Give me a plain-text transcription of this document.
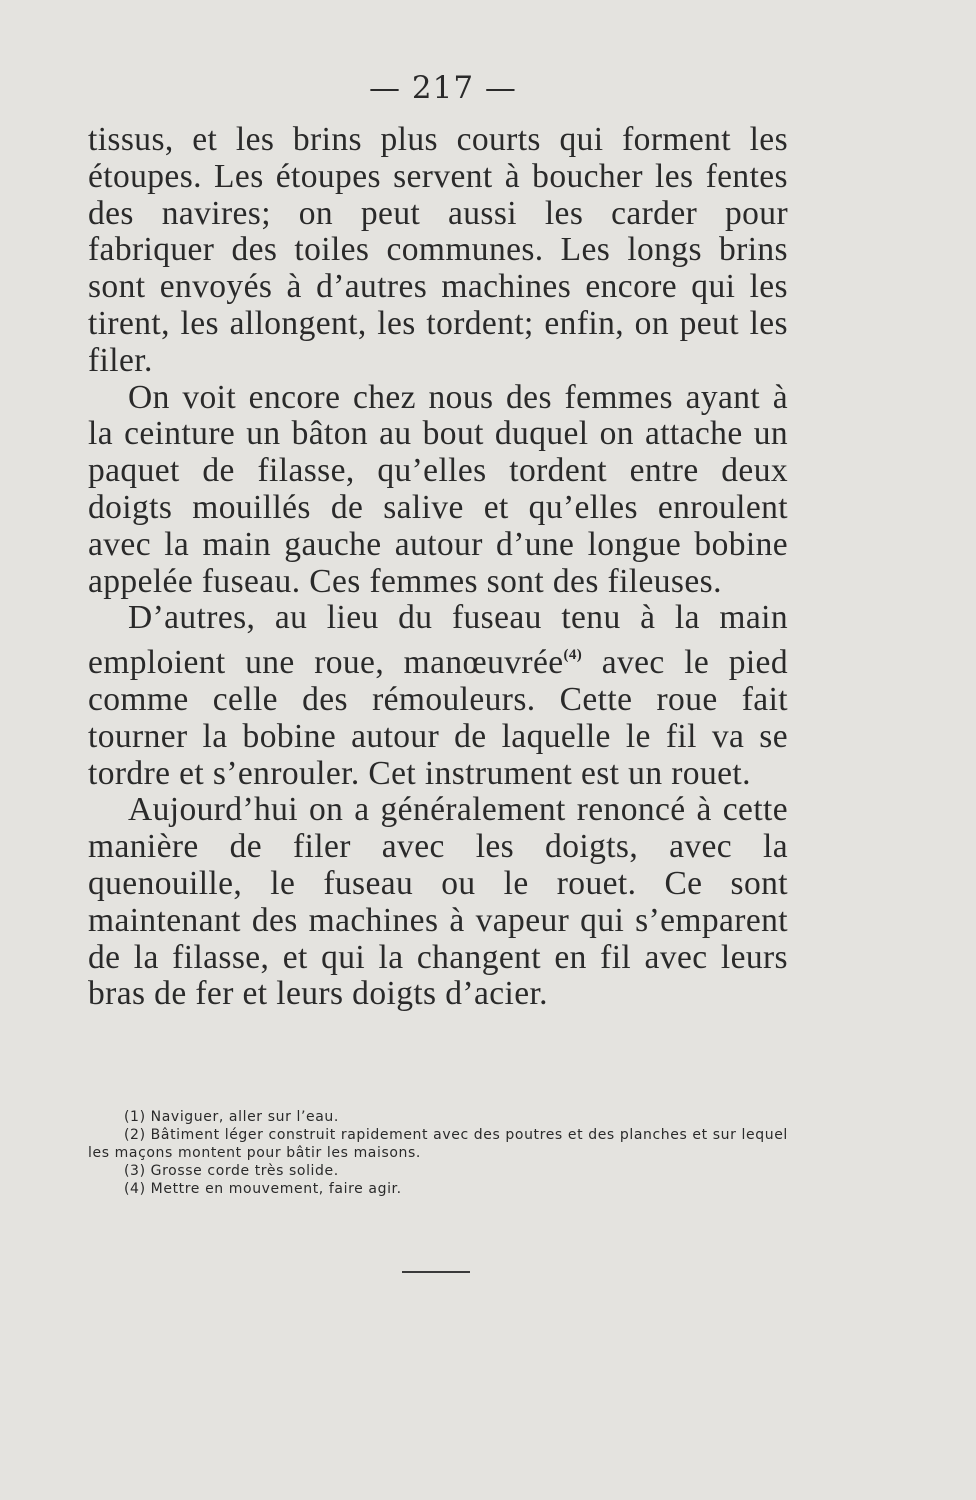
— 217 —

tissus, et les brins plus courts qui forment les étoupes. Les étoupes servent à boucher les fentes des navires; on peut aussi les carder pour fabriquer des toiles communes. Les longs brins sont envoyés à d’autres machines encore qui les tirent, les allongent, les tordent; enfin, on peut les filer.

On voit encore chez nous des femmes ayant à la ceinture un bâton au bout duquel on attache un paquet de filasse, qu’elles tordent entre deux doigts mouillés de salive et qu’elles enroulent avec la main gauche autour d’une longue bobine appelée fuseau. Ces femmes sont des fileuses.

D’autres, au lieu du fuseau tenu à la main emploient une roue, manœuvrée$^{(4)}$ avec le pied comme celle des rémouleurs. Cette roue fait tourner la bobine autour de laquelle le fil va se tordre et s’enrouler. Cet instrument est un rouet.

Aujourd’hui on a généralement renoncé à cette manière de filer avec les doigts, avec la quenouille, le fuseau ou le rouet. Ce sont maintenant des machines à vapeur qui s’emparent de la filasse, et qui la changent en fil avec leurs bras de fer et leurs doigts d’acier.

(1) Naviguer, aller sur l’eau.

(2) Bâtiment léger construit rapidement avec des poutres et des planches et sur lequel les maçons montent pour bâtir les maisons.

(3) Grosse corde très solide.

(4) Mettre en mouvement, faire agir.
